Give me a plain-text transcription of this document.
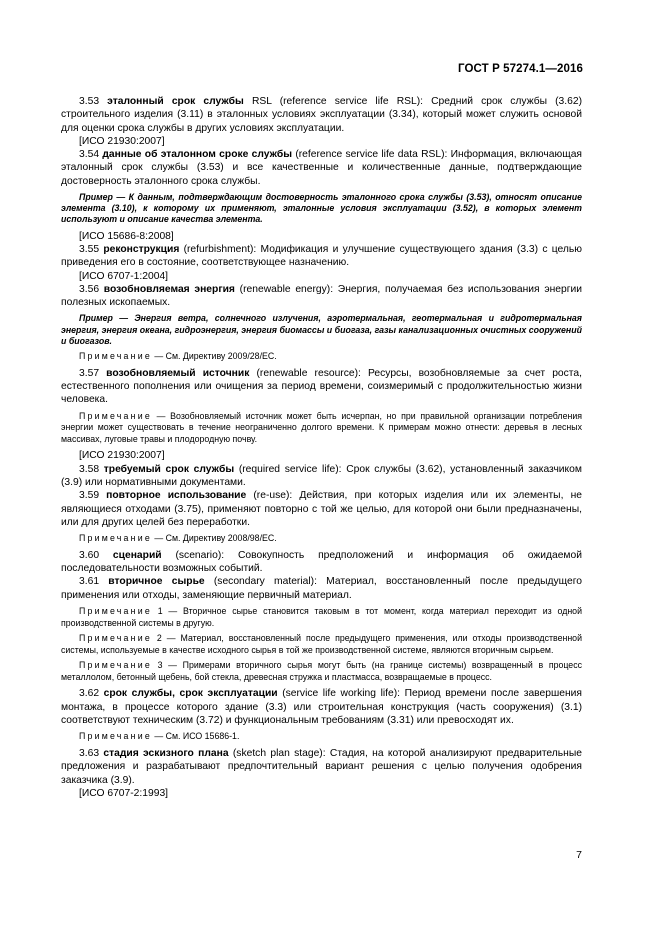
ГОСТ Р 57274.1—2016

3.53 эталонный срок службы RSL (reference service life RSL): Средний срок службы (3.62) строительного изделия (3.11) в эталонных условиях эксплуатации (3.34), который может служить основой для оценки срока службы в других условиях эксплуатации.

[ИСО 21930:2007]

3.54 данные об эталонном сроке службы (reference service life data RSL): Информация, включающая эталонный срок службы (3.53) и все качественные и количественные данные, подтверждающие достоверность эталонного срока службы.

Пример — К данным, подтверждающим достоверность эталонного срока службы (3.53), относят описание элемента (3.10), к которому их применяют, эталонные условия эксплуатации (3.52), в которых элемент используют и описание качества элемента.

[ИСО 15686-8:2008]

3.55 реконструкция (refurbishment): Модификация и улучшение существующего здания (3.3) с целью приведения его в состояние, соответствующее назначению.

[ИСО 6707-1:2004]

3.56 возобновляемая энергия (renewable energy): Энергия, получаемая без использования энергии полезных ископаемых.

Пример — Энергия ветра, солнечного излучения, аэротермальная, геотермальная и гидротермальная энергия, энергия океана, гидроэнергия, энергия биомассы и биогаза, газы канализационных очистных сооружений и биогазов.

Примечание — См. Директиву 2009/28/ЕС.

3.57 возобновляемый источник (renewable resource): Ресурсы, возобновляемые за счет роста, естественного пополнения или очищения за период времени, соизмеримый с продолжительностью жизни человека.

Примечание — Возобновляемый источник может быть исчерпан, но при правильной организации потребления энергии может существовать в течение неограниченно долгого времени. К примерам можно отнести: деревья в лесных массивах, луговые травы и плодородную почву.

[ИСО 21930:2007]

3.58 требуемый срок службы (required service life): Срок службы (3.62), установленный заказчиком (3.9) или нормативными документами.

3.59 повторное использование (re-use): Действия, при которых изделия или их элементы, не являющиеся отходами (3.75), применяют повторно с той же целью, для которой они были предназначены, или для других целей без переработки.

Примечание — См. Директиву 2008/98/ЕС.

3.60 сценарий (scenario): Совокупность предположений и информация об ожидаемой последовательности возможных событий.

3.61 вторичное сырье (secondary material): Материал, восстановленный после предыдущего применения или отходы, заменяющие первичный материал.

Примечание 1 — Вторичное сырье становится таковым в тот момент, когда материал переходит из одной производственной системы в другую.

Примечание 2 — Материал, восстановленный после предыдущего применения, или отходы производственной системы, используемые в качестве исходного сырья в той же производственной системе, являются вторичным сырьем.

Примечание 3 — Примерами вторичного сырья могут быть (на границе системы) возвращенный в процесс металлолом, бетонный щебень, бой стекла, древесная стружка и пластмасса, возвращаемые в процесс.

3.62 срок службы, срок эксплуатации (service life working life): Период времени после завершения монтажа, в процессе которого здание (3.3) или строительная конструкция (часть сооружения) (3.1) соответствуют техническим (3.72) и функциональным требованиям (3.31) или превосходят их.

Примечание — См. ИСО 15686-1.

3.63 стадия эскизного плана (sketch plan stage): Стадия, на которой анализируют предварительные предложения и разрабатывают предпочтительный вариант решения с целью получения одобрения заказчика (3.9).

[ИСО 6707-2:1993]

7
